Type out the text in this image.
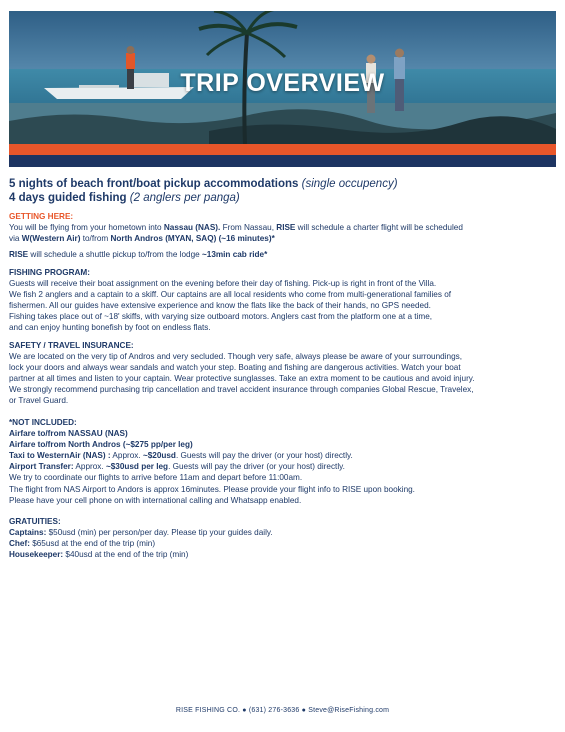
TRIP OVERVIEW
5 nights of beach front/boat pickup accommodations (single occupency)
4 days guided fishing (2 anglers per panga)
GETTING HERE:

You will be flying from your hometown into Nassau (NAS). From Nassau, RISE will schedule a charter flight will be scheduled
via W(Western Air) to/from North Andros (MYAN, SAQ) (~16 minutes)*

RISE will schedule a shuttle pickup to/from the lodge ~13min cab ride*

FISHING PROGRAM:

Guests will receive their boat assignment on the evening before their day of fishing. Pick-up is right in front of the Villa.

We fish 2 anglers and a captain to a skiff. Our captains are all local residents who come from multi-generational families of

fishermen. All our guides have extensive experience and know the flats like the back of their hands, no GPS needed.

Fishing takes place out of ~18' skiffs, with varying size outboard motors. Anglers cast from the platform one at a time,

and can enjoy hunting bonefish by foot on endless flats.

SAFETY / TRAVEL INSURANCE:

We are located on the very tip of Andros and very secluded. Though very safe, always please be aware of your surroundings,

lock your doors and always wear sandals and watch your step. Boating and fishing are dangerous activities. Watch your boat

partner at all times and listen to your captain. Wear protective sunglasses. Take an extra moment to be cautious and avoid injury.

We strongly recommend purchasing trip cancellation and travel accident insurance through companies Global Rescue, Travelex,

or Travel Guard.

*NOT INCLUDED:

Airfare to/from NASSAU (NAS)

Airfare to/from North Andros (~$275 pp/per leg)

Taxi to WesternAir (NAS) : Approx. ~$20usd. Guests will pay the driver (or your host) directly.

Airport Transfer: Approx. ~$30usd per leg. Guests will pay the driver (or your host) directly.

We try to coordinate our flights to arrive before 11am and depart before 11:00am.

The flight from NAS Airport to Andors is approx 16minutes. Please provide your flight info to RISE upon booking.

Please have your cell phone on with international calling and Whatsapp enabled.

GRATUITIES:

Captains: $50usd (min) per person/per day. Please tip your guides daily.

Chef: $65usd at the end of the trip (min)

Housekeeper: $40usd at the end of the trip (min)

RISE FISHING CO. ● (631) 276-3636 ● Steve@RiseFishing.com
